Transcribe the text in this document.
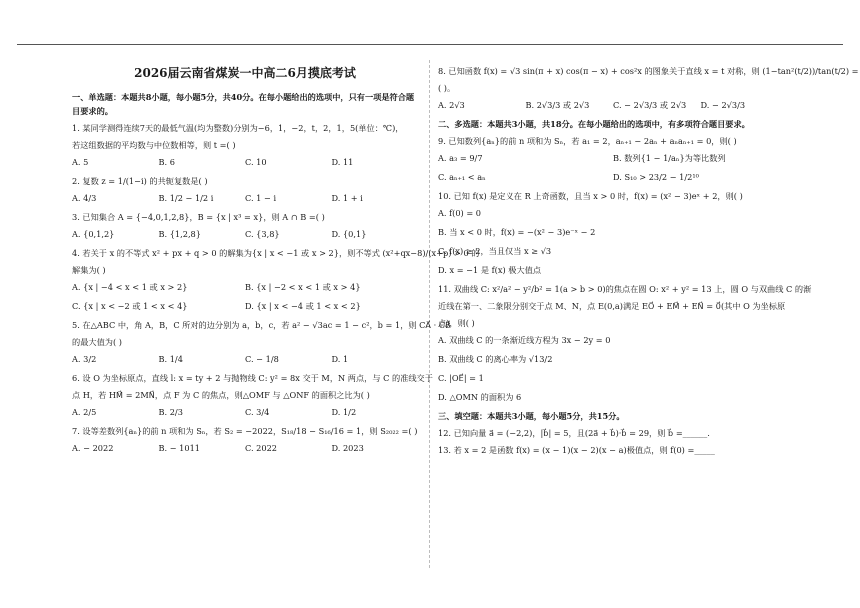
2026届云南省煤炭一中高二6月摸底考试
一、单选题：本题共8小题，每小题5分，共40分。在每小题给出的选项中，只有一项是符合题目要求的。
1. 某同学测得连续7天的最低气温(均为整数)分别为−6，1，−2，t，2，1，5(单位：℃)，
若这组数据的平均数与中位数相等，则 t =( )
A. 5	B. 6	C. 10	D. 11
2. 复数 z = 1/(1−i) 的共轭复数是( )
A. 4/3	B. 1/2 − 1/2 i	C. 1 − i	D. 1 + i
3. 已知集合 A = {−4,0,1,2,8}，B = {x | x³ = x}，则 A ∩ B =( )
A. {0,1,2}	B. {1,2,8}	C. {3,8}	D. {0,1}
4. 若关于 x 的不等式 x² + px + q > 0 的解集为{x | x < −1 或 x > 2}，则不等式 (x²+qx−8)/(x+p) > 0 的
解集为( )
A. {x | −4 < x < 1 或 x > 2}	B. {x | −2 < x < 1 或 x > 4}
C. {x | x < −2 或 1 < x < 4}	D. {x | x < −4 或 1 < x < 2}
5. 在△ABC 中，角 A，B，C 所对的边分别为 a，b，c，若 a² − √3ac = 1 − c²，b = 1，则 CA⃗ · CB⃗
的最大值为( )
A. 3/2	B. 1/4	C. − 1/8	D. 1
6. 设 O 为坐标原点，直线 l: x = ty + 2 与抛物线 C: y² = 8x 交于 M，N 两点，与 C 的准线交于
点 H，若 HM⃗ = 2MN⃗，点 F 为 C 的焦点，则△OMF 与 △ONF 的面积之比为( )
A. 2/5	B. 2/3	C. 3/4	D. 1/2
7. 设等差数列{aₙ}的前 n 项和为 Sₙ，若 S₂ = −2022，S₁₈/18 − S₁₆/16 = 1，则 S₂₀₂₂ =( )
A. − 2022	B. − 1011	C. 2022	D. 2023
8. 已知函数 f(x) = √3 sin(π + x) cos(π − x) + cos²x 的图象关于直线 x = t 对称，则 (1−tan²(t/2))/tan(t/2) =
( )。
A. 2√3	B. 2√3/3 或 2√3	C. − 2√3/3 或 2√3	D. − 2√3/3
二、多选题：本题共3小题，共18分。在每小题给出的选项中，有多项符合题目要求。
9. 已知数列{aₙ}的前 n 项和为 Sₙ，若 a₁ = 2，aₙ₊₁ − 2aₙ + aₙaₙ₊₁ = 0，则( )
A. a₃ = 9/7	B. 数列{1 − 1/aₙ}为等比数列
C. aₙ₊₁ < aₙ	D. S₁₀ > 23/2 − 1/2¹⁰
10. 已知 f(x) 是定义在 R 上奇函数，且当 x > 0 时，f(x) = (x² − 3)eˣ + 2，则( )
A. f(0) = 0
B. 当 x < 0 时，f(x) = −(x² − 3)e⁻ˣ − 2
C. f(x) ≥ 2，当且仅当 x ≥ √3
D. x = −1 是 f(x) 极大值点
11. 双曲线 C: x²/a² − y²/b² = 1(a > b > 0)的焦点在圆 O: x² + y² = 13 上，圆 O 与双曲线 C 的渐
近线在第一、二象限分别交于点 M、N，点 E(0,a)满足 EO⃗ + EM⃗ + EN⃗ = 0⃗(其中 O 为坐标原
点)，则( )
A. 双曲线 C 的一条渐近线方程为 3x − 2y = 0
B. 双曲线 C 的离心率为 √13/2
C. |OE⃗| = 1
D. △OMN 的面积为 6
三、填空题：本题共3小题，每小题5分，共15分。
12. 已知向量 a⃗ = (−2,2)，|b⃗| = 5，且(2a⃗ + b⃗)·b⃗ = 29，则 b⃗ =______.
13. 若 x = 2 是函数 f(x) = (x − 1)(x − 2)(x − a)极值点，则 f(0) =_____
